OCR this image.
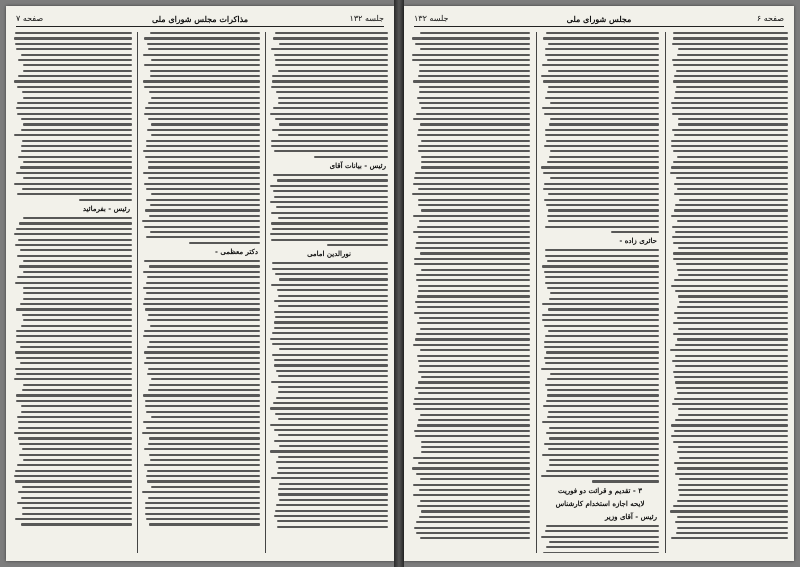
صفحه ۷	مذاکرات مجلس شورای ملی	جلسه ۱۳۲
رئیس - بفرمائید
دکتر معظمی -
رئیس - بیانات آقای
نورالدین امامی
جلسه ۱۳۲	مجلس شورای ملی	صفحه ۶
حائری زاده -
۳ - تقدیم و قرائت دو فوریت
لایحه اجازه استخدام کارشناس
رئیس - آقای وزیر
